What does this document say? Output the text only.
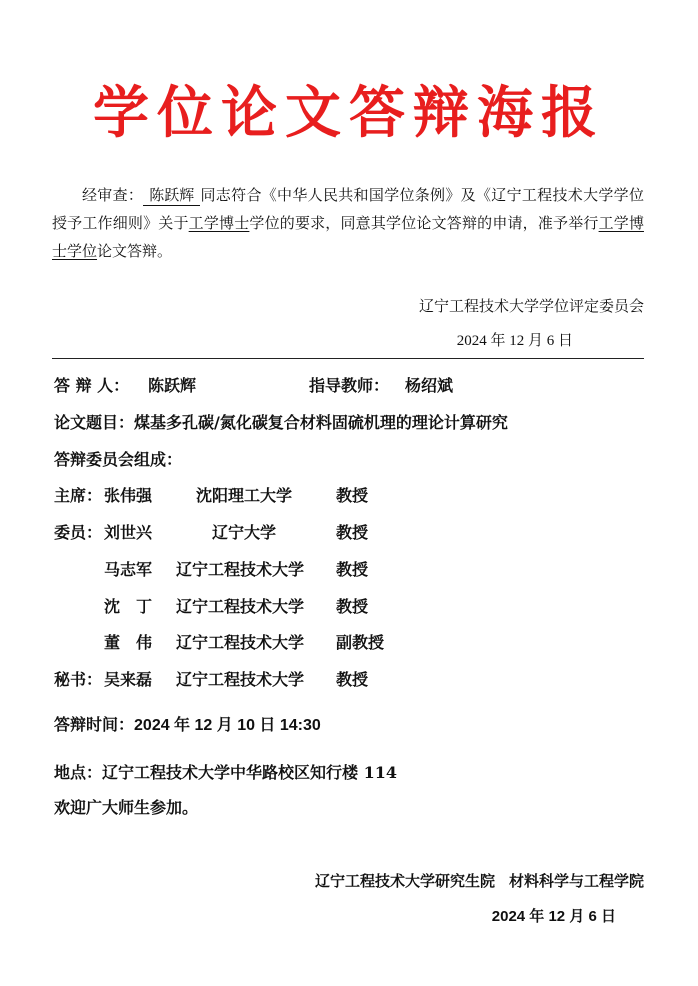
学位论文答辩海报
经审查： 陈跃辉 同志符合《中华人民共和国学位条例》及《辽宁工程技术大学学位授予工作细则》关于工学博士学位的要求，同意其学位论文答辩的申请，准予举行工学博士学位论文答辩。
辽宁工程技术大学学位评定委员会
2024 年 12 月 6 日
答 辩 人： 陈跃辉	指导教师： 杨绍斌
论文题目：煤基多孔碳/氮化碳复合材料固硫机理的理论计算研究
答辩委员会组成：
主席： 张伟强	沈阳理工大学	教授
委员： 刘世兴	辽宁大学	教授
马志军 辽宁工程技术大学 教授
沈　丁 辽宁工程技术大学 教授
董　伟 辽宁工程技术大学 副教授
秘书： 吴来磊 辽宁工程技术大学 教授
答辩时间：2024 年 12 月 10 日 14:30
地点：辽宁工程技术大学中华路校区知行楼 114
欢迎广大师生参加。
辽宁工程技术大学研究生院 材料科学与工程学院
2024 年 12 月 6 日
